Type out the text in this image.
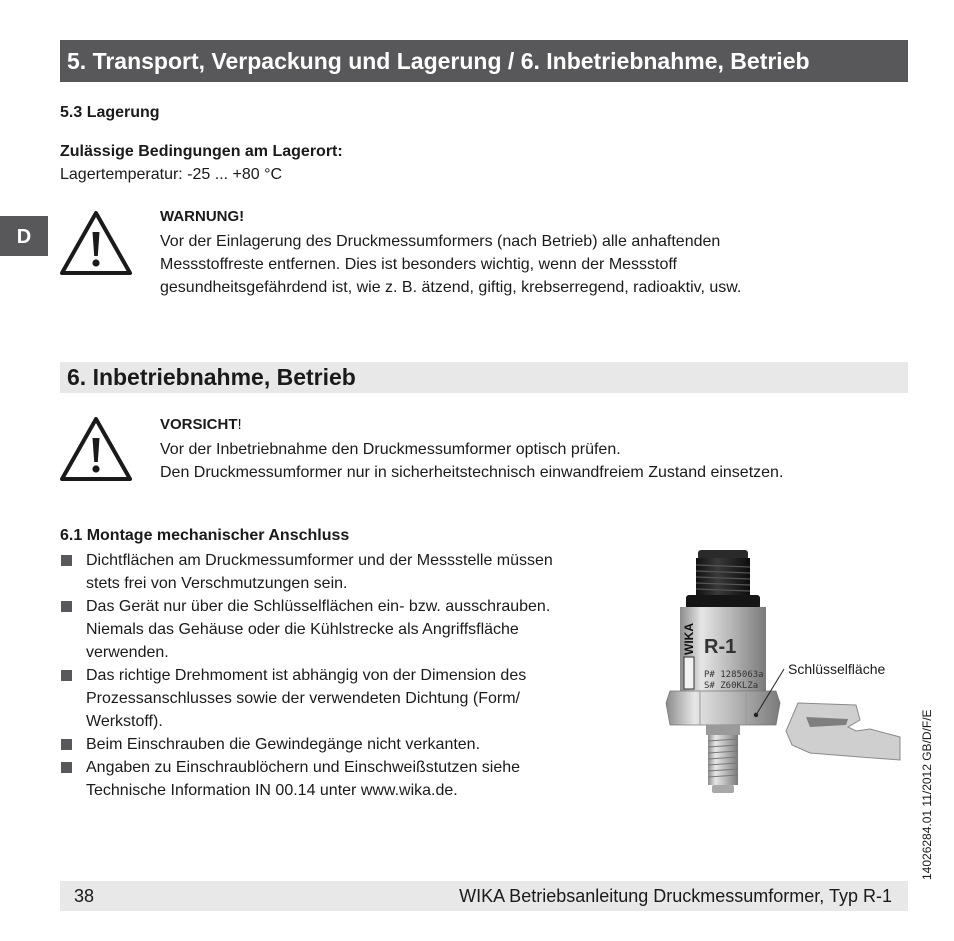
5. Transport, Verpackung und Lagerung / 6. Inbetriebnahme, Betrieb
D
5.3 Lagerung
Zulässige Bedingungen am Lagerort:
Lagertemperatur: -25 ... +80 °C
WARNUNG!
Vor der Einlagerung des Druckmessumformers (nach Betrieb) alle anhaftenden
Messstoffreste entfernen. Dies ist besonders wichtig, wenn der Messstoff
gesundheitsgefährdend ist, wie z. B. ätzend, giftig, krebserregend, radioaktiv, usw.
6. Inbetriebnahme, Betrieb
VORSICHT!
Vor der Inbetriebnahme den Druckmessumformer optisch prüfen.
Den Druckmessumformer nur in sicherheitstechnisch einwandfreiem Zustand einsetzen.
6.1 Montage mechanischer Anschluss
Dichtflächen am Druckmessumformer und der Messstelle müssen
stets frei von Verschmutzungen sein.
Das Gerät nur über die Schlüsselflächen ein- bzw. ausschrauben.
Niemals das Gehäuse oder die Kühlstrecke als Angriffsfläche
verwenden.
Das richtige Drehmoment ist abhängig von der Dimension des
Prozessanschlusses sowie der verwendeten Dichtung (Form/
Werkstoff).
Beim Einschrauben die Gewindegänge nicht verkanten.
Angaben zu Einschraublöchern und Einschweißstutzen siehe
Technische Information IN 00.14 unter www.wika.de.
WIKA R-1
P# 1285063a
S# Z60KLZa
Schlüsselfläche
38	WIKA Betriebsanleitung Druckmessumformer, Typ R-1
14026284.01 11/2012 GB/D/F/E
